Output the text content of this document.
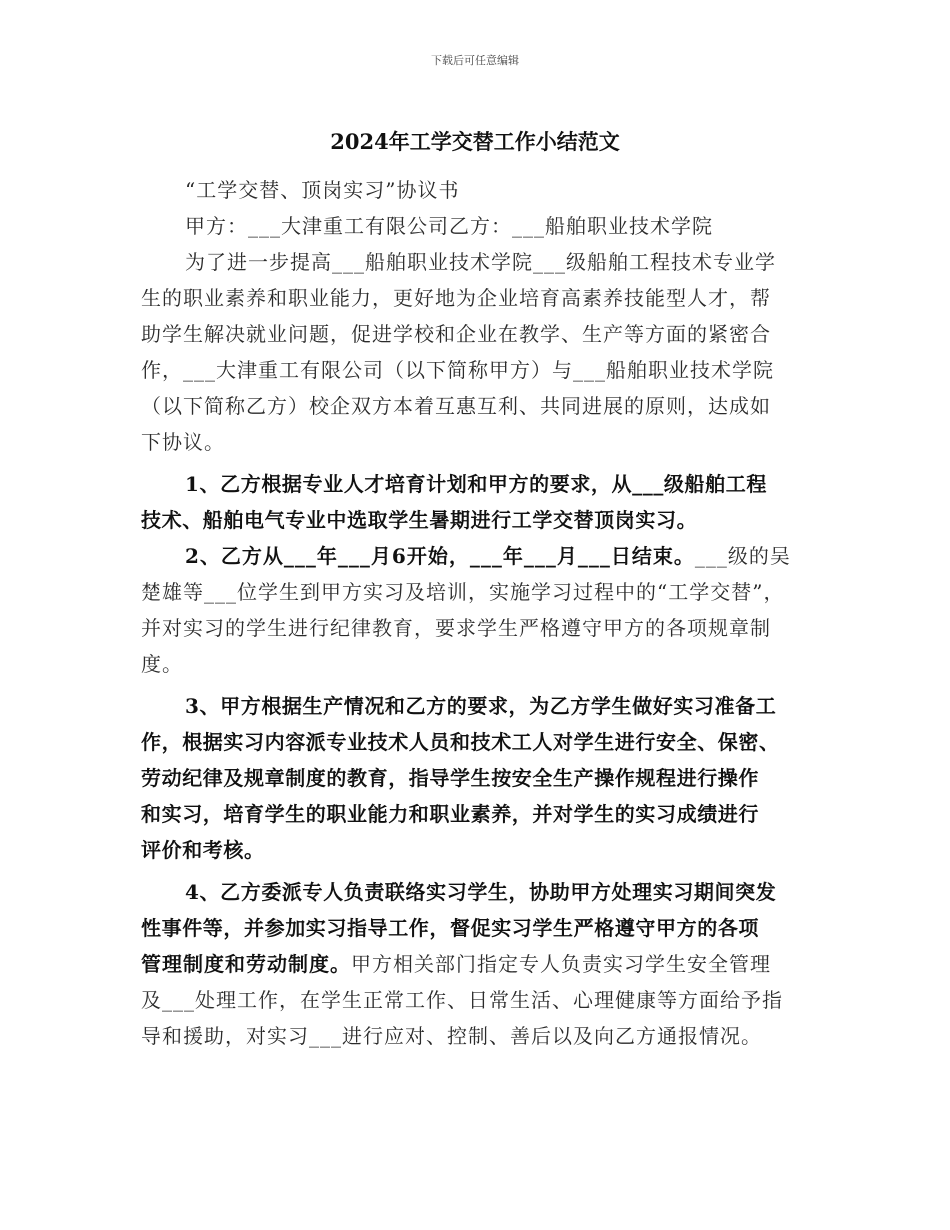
下载后可任意编辑
2024年工学交替工作小结范文
“工学交替、顶岗实习”协议书
甲方：___大津重工有限公司乙方：___船舶职业技术学院
为了进一步提高___船舶职业技术学院___级船舶工程技术专业学
生的职业素养和职业能力，更好地为企业培育高素养技能型人才，帮
助学生解决就业问题，促进学校和企业在教学、生产等方面的紧密合
作，___大津重工有限公司（以下简称甲方）与___船舶职业技术学院
（以下简称乙方）校企双方本着互惠互利、共同进展的原则，达成如
下协议。
1、乙方根据专业人才培育计划和甲方的要求，从___级船舶工程
技术、船舶电气专业中选取学生暑期进行工学交替顶岗实习。
2、乙方从___年___月6开始，___年___月___日结束。___级的吴
楚雄等___位学生到甲方实习及培训，实施学习过程中的“工学交替”，
并对实习的学生进行纪律教育，要求学生严格遵守甲方的各项规章制
度。
3、甲方根据生产情况和乙方的要求，为乙方学生做好实习准备工
作，根据实习内容派专业技术人员和技术工人对学生进行安全、保密、
劳动纪律及规章制度的教育，指导学生按安全生产操作规程进行操作
和实习，培育学生的职业能力和职业素养，并对学生的实习成绩进行
评价和考核。
4、乙方委派专人负责联络实习学生，协助甲方处理实习期间突发
性事件等，并参加实习指导工作，督促实习学生严格遵守甲方的各项
管理制度和劳动制度。甲方相关部门指定专人负责实习学生安全管理
及___处理工作，在学生正常工作、日常生活、心理健康等方面给予指
导和援助，对实习___进行应对、控制、善后以及向乙方通报情况。
